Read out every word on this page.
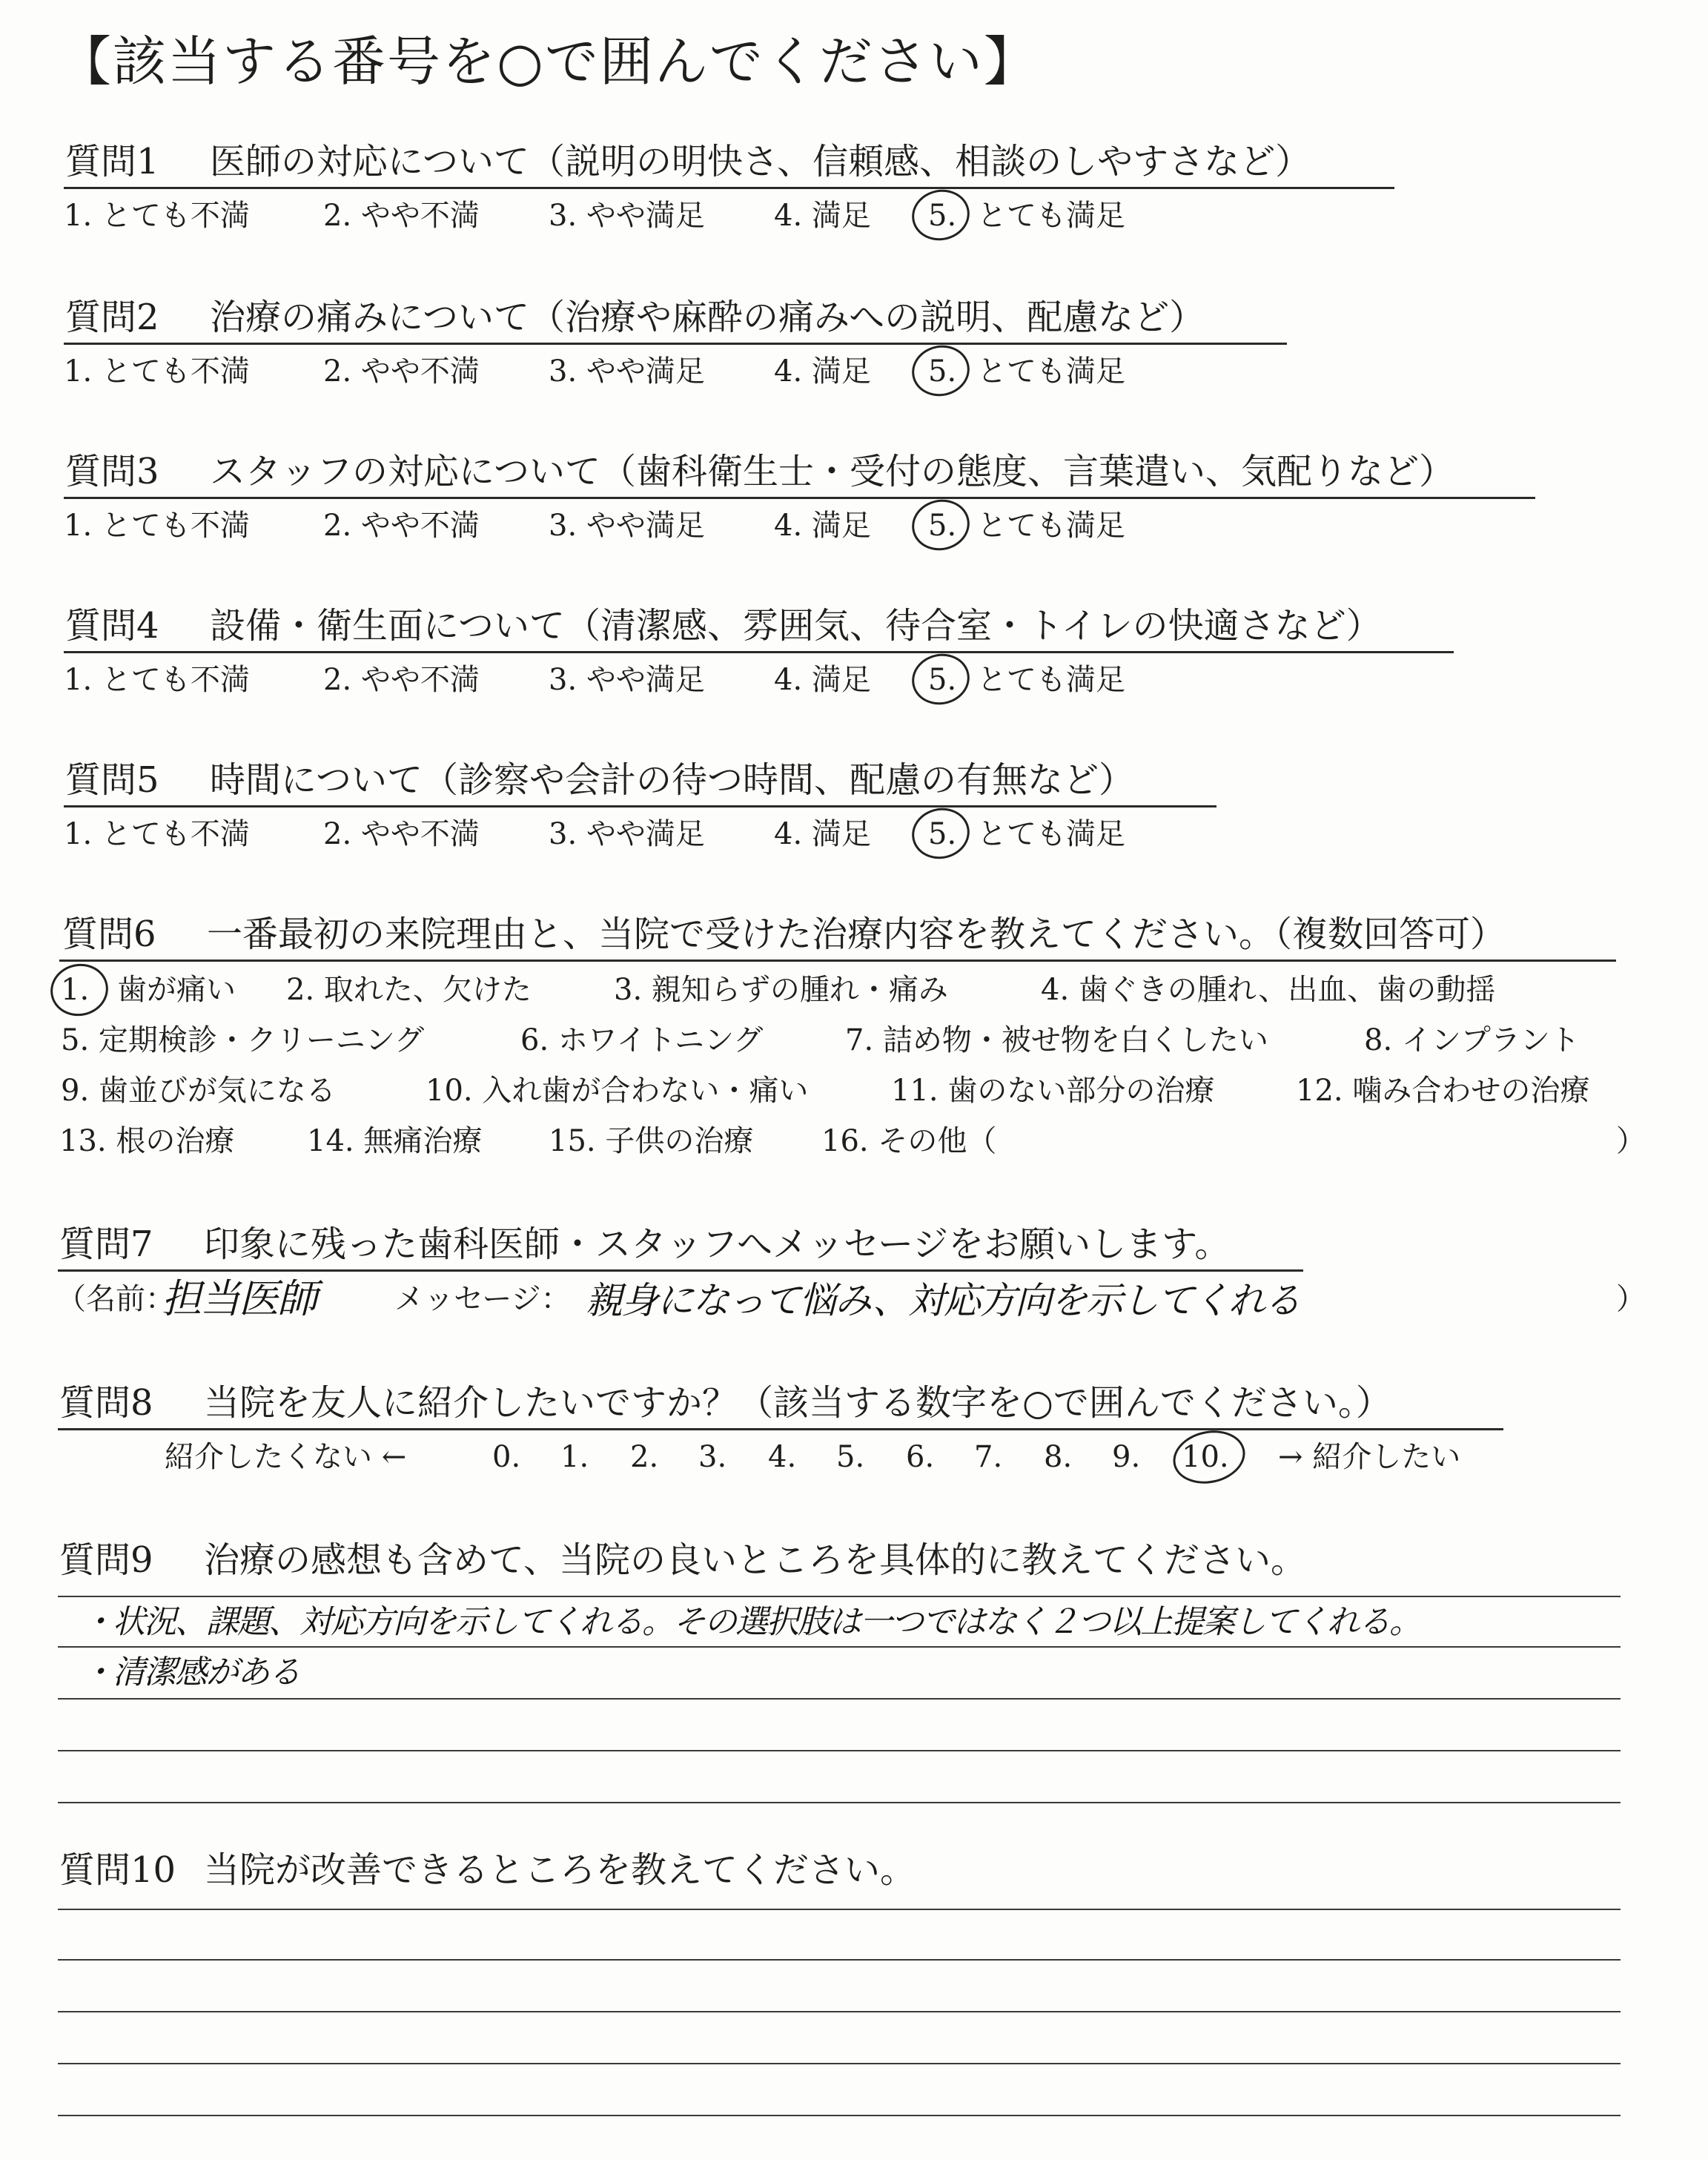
【該当する番号を○で囲んでください】
質問1 医師の対応について（説明の明快さ、信頼感、相談のしやすさなど）
1. とても不満 2. やや不満 3. やや満足 4. 満足 5. とても満足
質問2 治療の痛みについて（治療や麻酔の痛みへの説明、配慮など）
1. とても不満 2. やや不満 3. やや満足 4. 満足 5. とても満足
質問3 スタッフの対応について（歯科衛生士・受付の態度、言葉遣い、気配りなど）
1. とても不満 2. やや不満 3. やや満足 4. 満足 5. とても満足
質問4 設備・衛生面について（清潔感、雰囲気、待合室・トイレの快適さなど）
1. とても不満 2. やや不満 3. やや満足 4. 満足 5. とても満足
質問5 時間について（診察や会計の待つ時間、配慮の有無など）
1. とても不満 2. やや不満 3. やや満足 4. 満足 5. とても満足
質問6 一番最初の来院理由と、当院で受けた治療内容を教えてください。（複数回答可）
1. 歯が痛い 2. 取れた、欠けた	3. 親知らずの腫れ・痛み	4. 歯ぐきの腫れ、出血、歯の動揺
5. 定期検診・クリーニング	6. ホワイトニング	7. 詰め物・被せ物を白くしたい	8. インプラント
9. 歯並びが気になる	10. 入れ歯が合わない・痛い	11. 歯のない部分の治療	12. 噛み合わせの治療
13. 根の治療 14. 無痛治療 15. 子供の治療 16. その他（	）
質問7 印象に残った歯科医師・スタッフへメッセージをお願いします。
（名前：
担当医師	メッセージ： 親身になって悩み、対応方向を示してくれる	）
質問8 当院を友人に紹介したいですか？（該当する数字を○で囲んでください。）
紹介したくない ←	0. 1. 2. 3. 4. 5. 6. 7. 8. 9. 10. → 紹介したい
質問9 治療の感想も含めて、当院の良いところを具体的に教えてください。
・状況、課題、対応方向を示してくれる。その選択肢は一つではなく２つ以上提案してくれる。
・清潔感がある
質問10 当院が改善できるところを教えてください。
